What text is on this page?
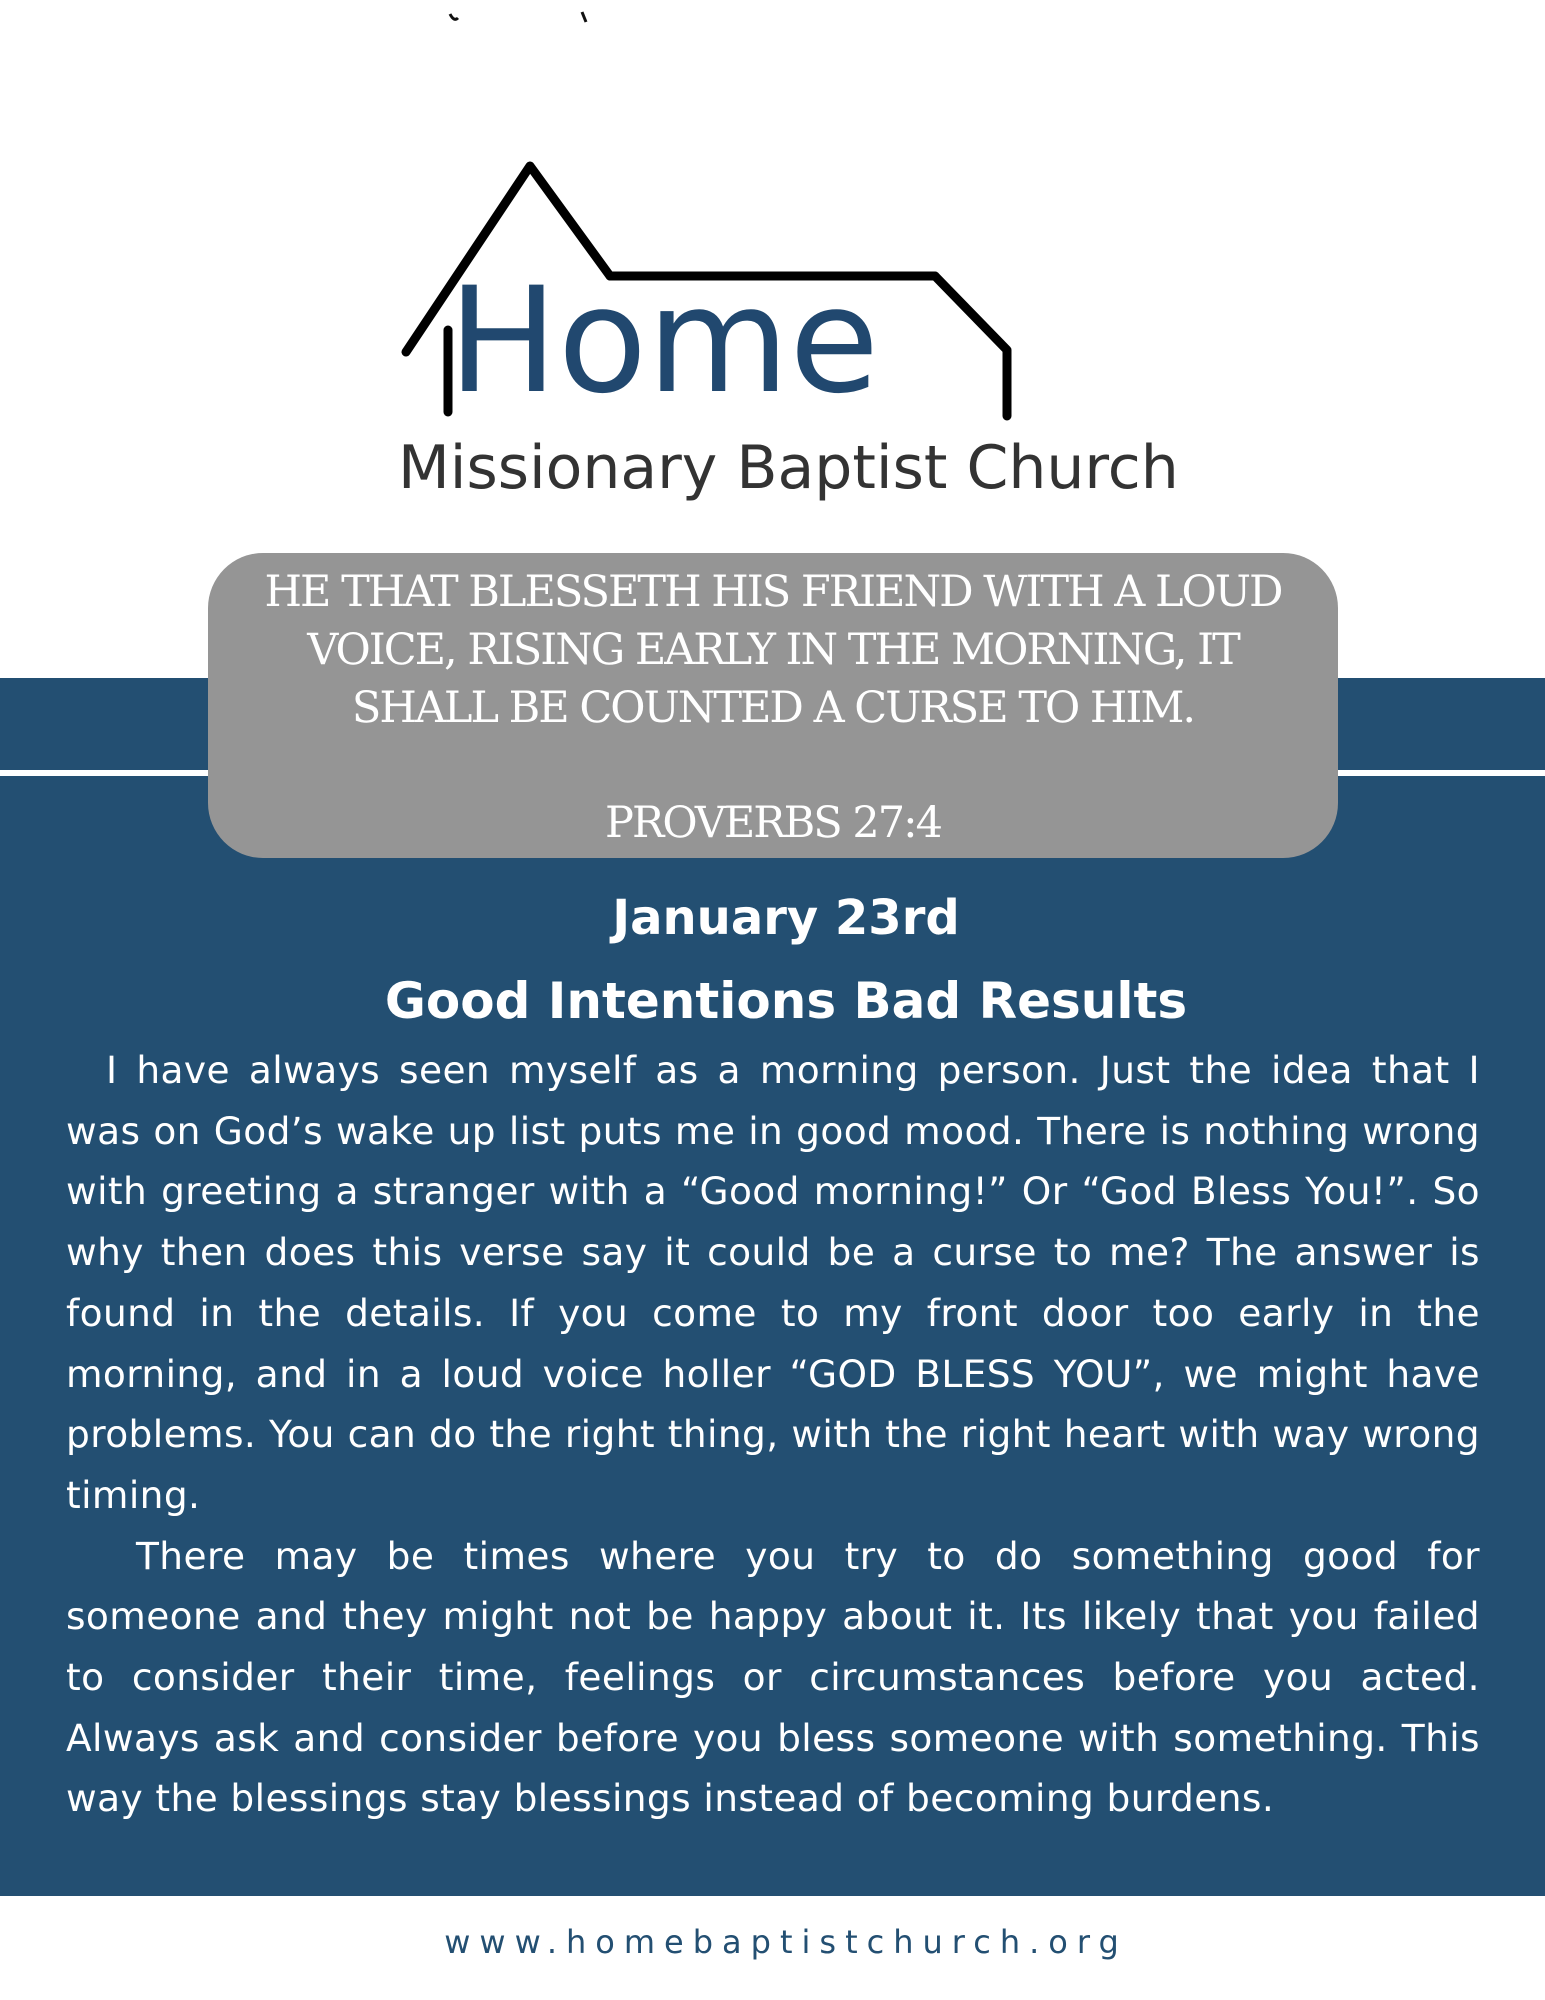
Home
Missionary Baptist Church
HE THAT BLESSETH HIS FRIEND WITH A LOUD
VOICE, RISING EARLY IN THE MORNING, IT
SHALL BE COUNTED A CURSE TO HIM.
PROVERBS 27:4
January 23rd
Good Intentions Bad Results

I have always seen myself as a morning person. Just the idea that I was on God’s wake up list puts me in good mood. There is nothing wrong with greeting a stranger with a “Good morning!” Or “God Bless You!”. So why then does this verse say it could be a curse to me? The answer is found in the details. If you come to my front door too early in the morning, and in a loud voice holler “GOD BLESS YOU”, we might have problems. You can do the right thing, with the right heart with way wrong timing.

There may be times where you try to do something good for someone and they might not be happy about it. Its likely that you failed to consider their time, feelings or circumstances before you acted. Always ask and consider before you bless someone with something. This way the blessings stay blessings instead of becoming burdens.

www.homebaptistchurch.org
